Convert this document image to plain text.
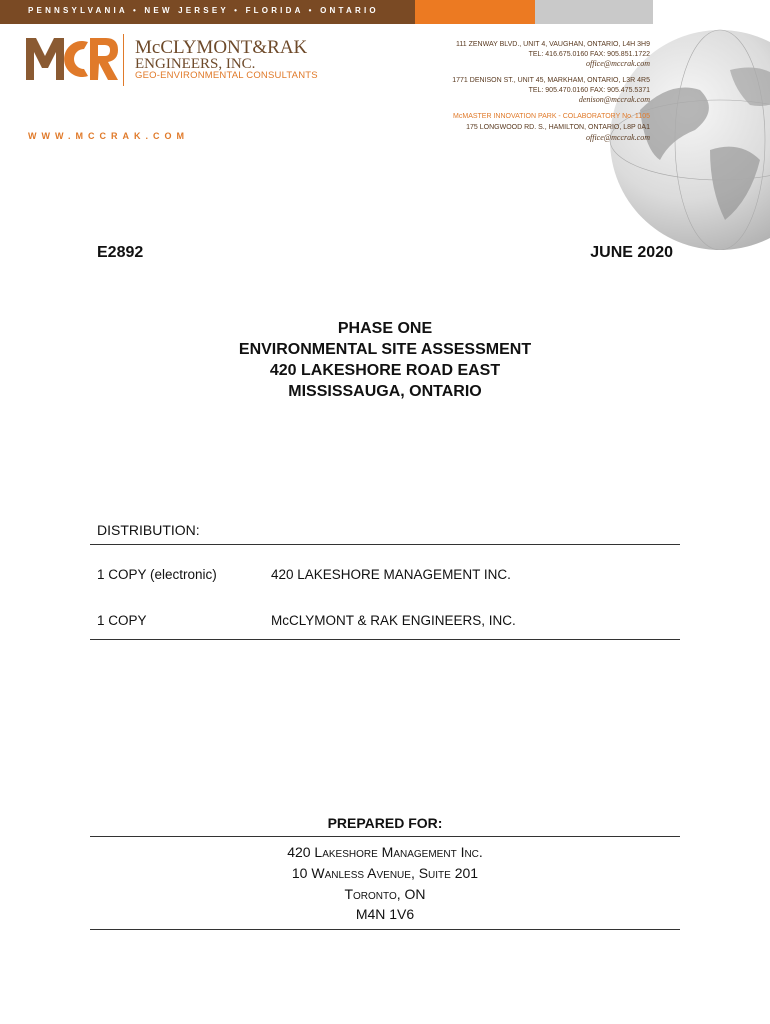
PENNSYLVANIA • NEW JERSEY • FLORIDA • ONTARIO
McCLYMONT&RAK
ENGINEERS, INC.
GEO-ENVIRONMENTAL CONSULTANTS
WWW.MCCRAK.COM
111 ZENWAY BLVD., UNIT 4, VAUGHAN, ONTARIO, L4H 3H9
TEL: 416.675.0160 FAX: 905.851.1722
office@mccrak.com
1771 DENISON ST., UNIT 45, MARKHAM, ONTARIO, L3R 4R5
TEL: 905.470.0160 FAX: 905.475.5371
denison@mccrak.com
McMASTER INNOVATION PARK - COLABORATORY No. 1105
175 LONGWOOD RD. S., HAMILTON, ONTARIO, L8P 0A1
office@mccrak.com
E2892	JUNE 2020
PHASE ONE
ENVIRONMENTAL SITE ASSESSMENT
420 LAKESHORE ROAD EAST
MISSISSAUGA, ONTARIO
DISTRIBUTION:
1 COPY (electronic)	420 LAKESHORE MANAGEMENT INC.
1 COPY	McCLYMONT & RAK ENGINEERS, INC.
PREPARED FOR:
420 Lakeshore Management Inc.
10 Wanless Avenue, Suite 201
Toronto, ON
M4N 1V6
